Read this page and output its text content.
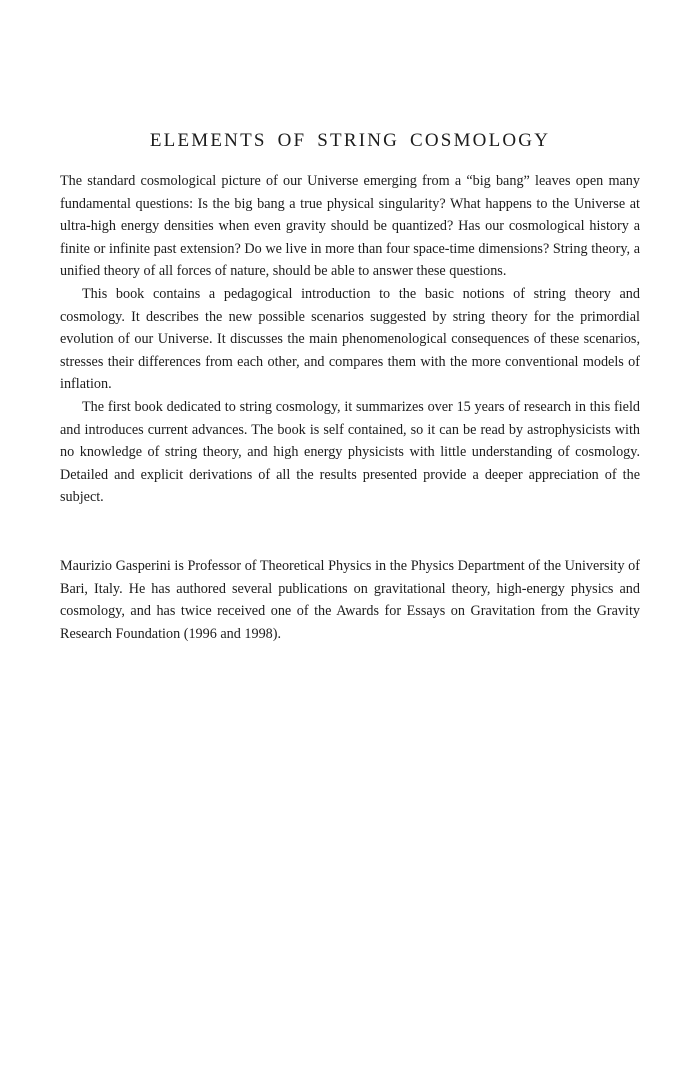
ELEMENTS OF STRING COSMOLOGY

The standard cosmological picture of our Universe emerging from a “big bang” leaves open many fundamental questions: Is the big bang a true physical singularity? What happens to the Universe at ultra-high energy densities when even gravity should be quantized? Has our cosmological history a finite or infinite past extension? Do we live in more than four space-time dimensions? String theory, a unified theory of all forces of nature, should be able to answer these questions.

This book contains a pedagogical introduction to the basic notions of string theory and cosmology. It describes the new possible scenarios suggested by string theory for the primordial evolution of our Universe. It discusses the main phenomenological consequences of these scenarios, stresses their differences from each other, and compares them with the more conventional models of inflation.

The first book dedicated to string cosmology, it summarizes over 15 years of research in this field and introduces current advances. The book is self contained, so it can be read by astrophysicists with no knowledge of string theory, and high energy physicists with little understanding of cosmology. Detailed and explicit derivations of all the results presented provide a deeper appreciation of the subject.

Maurizio Gasperini is Professor of Theoretical Physics in the Physics Department of the University of Bari, Italy. He has authored several publications on gravitational theory, high-energy physics and cosmology, and has twice received one of the Awards for Essays on Gravitation from the Gravity Research Foundation (1996 and 1998).
